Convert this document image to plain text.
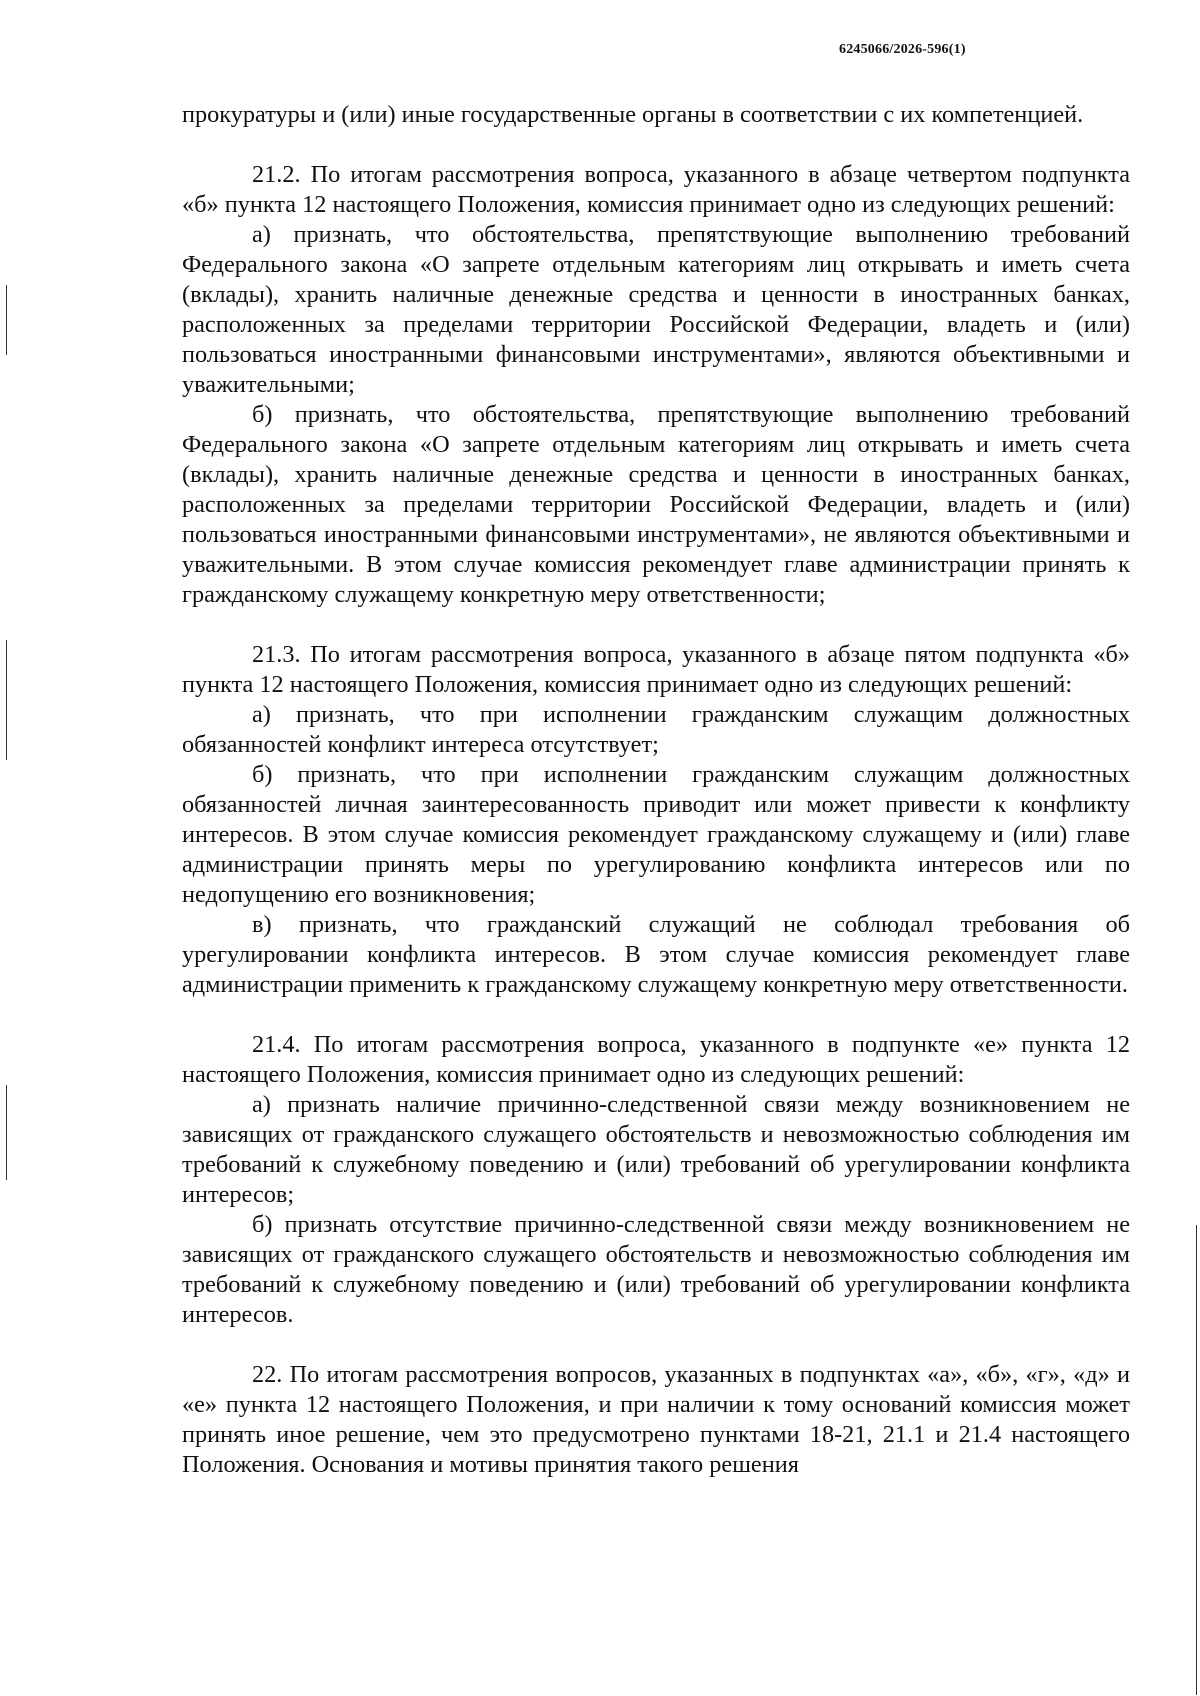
6245066/2026-596(1)

прокуратуры и (или) иные государственные органы в соответствии с их компетенцией.

21.2. По итогам рассмотрения вопроса, указанного в абзаце четвертом подпункта «б» пункта 12 настоящего Положения, комиссия принимает одно из следующих решений:

а) признать, что обстоятельства, препятствующие выполнению требований Федерального закона «О запрете отдельным категориям лиц открывать и иметь счета (вклады), хранить наличные денежные средства и ценности в иностранных банках, расположенных за пределами территории Российской Федерации, владеть и (или) пользоваться иностранными финансовыми инструментами», являются объективными и уважительными;

б) признать, что обстоятельства, препятствующие выполнению требований Федерального закона «О запрете отдельным категориям лиц открывать и иметь счета (вклады), хранить наличные денежные средства и ценности в иностранных банках, расположенных за пределами территории Российской Федерации, владеть и (или) пользоваться иностранными финансовыми инструментами», не являются объективными и уважительными. В этом случае комиссия рекомендует главе администрации принять к гражданскому служащему конкретную меру ответственности;

21.3. По итогам рассмотрения вопроса, указанного в абзаце пятом подпункта «б» пункта 12 настоящего Положения, комиссия принимает одно из следующих решений:

а) признать, что при исполнении гражданским служащим должностных обязанностей конфликт интереса отсутствует;

б) признать, что при исполнении гражданским служащим должностных обязанностей личная заинтересованность приводит или может привести к конфликту интересов. В этом случае комиссия рекомендует гражданскому служащему и (или) главе администрации принять меры по урегулированию конфликта интересов или по недопущению его возникновения;

в) признать, что гражданский служащий не соблюдал требования об урегулировании конфликта интересов. В этом случае комиссия рекомендует главе администрации применить к гражданскому служащему конкретную меру ответственности.

21.4. По итогам рассмотрения вопроса, указанного в подпункте «е» пункта 12 настоящего Положения, комиссия принимает одно из следующих решений:

а) признать наличие причинно-следственной связи между возникновением не зависящих от гражданского служащего обстоятельств и невозможностью соблюдения им требований к служебному поведению и (или) требований об урегулировании конфликта интересов;

б) признать отсутствие причинно-следственной связи между возникновением не зависящих от гражданского служащего обстоятельств и невозможностью соблюдения им требований к служебному поведению и (или) требований об урегулировании конфликта интересов.

22. По итогам рассмотрения вопросов, указанных в подпунктах «а», «б», «г», «д» и «е» пункта 12 настоящего Положения, и при наличии к тому оснований комиссия может принять иное решение, чем это предусмотрено пунктами 18-21, 21.1 и 21.4 настоящего Положения. Основания и мотивы принятия такого решения
